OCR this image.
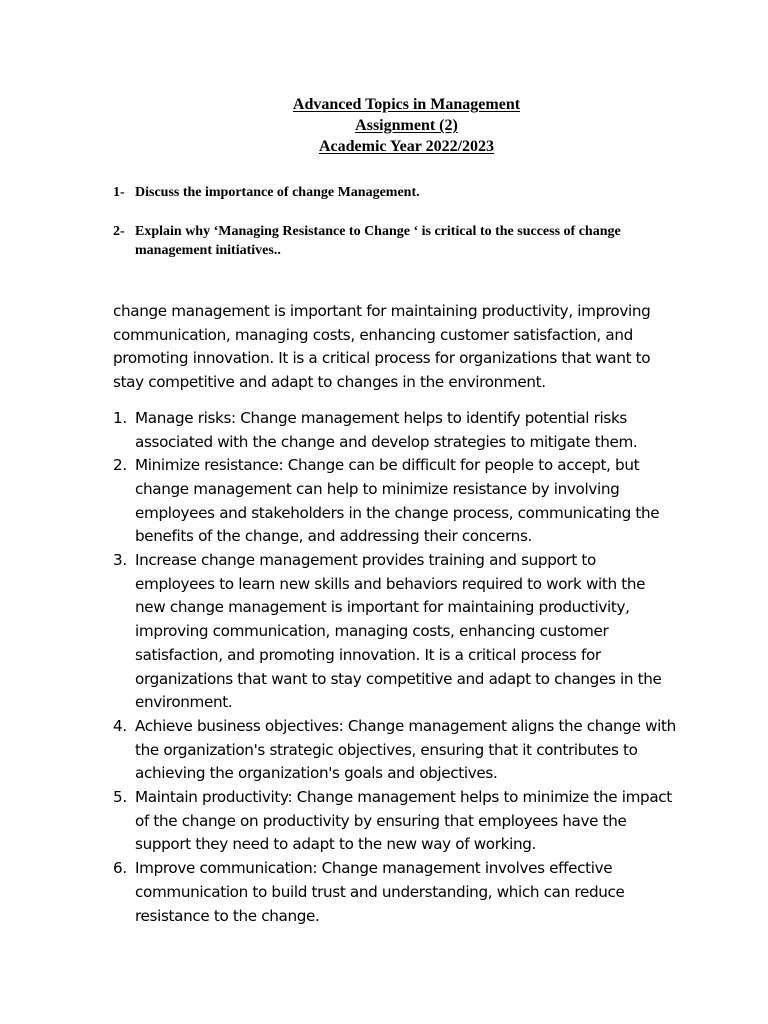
Advanced Topics in Management
Assignment (2)
Academic Year 2022/2023
1- Discuss the importance of change Management.
2- Explain why ‘Managing Resistance to Change ‘ is critical to the success of change management initiatives..

change management is important for maintaining productivity, improving communication, managing costs, enhancing customer satisfaction, and promoting innovation. It is a critical process for organizations that want to stay competitive and adapt to changes in the environment.

1. Manage risks: Change management helps to identify potential risks associated with the change and develop strategies to mitigate them.
2. Minimize resistance: Change can be difficult for people to accept, but change management can help to minimize resistance by involving employees and stakeholders in the change process, communicating the benefits of the change, and addressing their concerns.
3. Increase change management provides training and support to employees to learn new skills and behaviors required to work with the new change management is important for maintaining productivity, improving communication, managing costs, enhancing customer satisfaction, and promoting innovation. It is a critical process for organizations that want to stay competitive and adapt to changes in the environment.
4. Achieve business objectives: Change management aligns the change with the organization's strategic objectives, ensuring that it contributes to achieving the organization's goals and objectives.
5. Maintain productivity: Change management helps to minimize the impact of the change on productivity by ensuring that employees have the support they need to adapt to the new way of working.
6. Improve communication: Change management involves effective communication to build trust and understanding, which can reduce resistance to the change.
